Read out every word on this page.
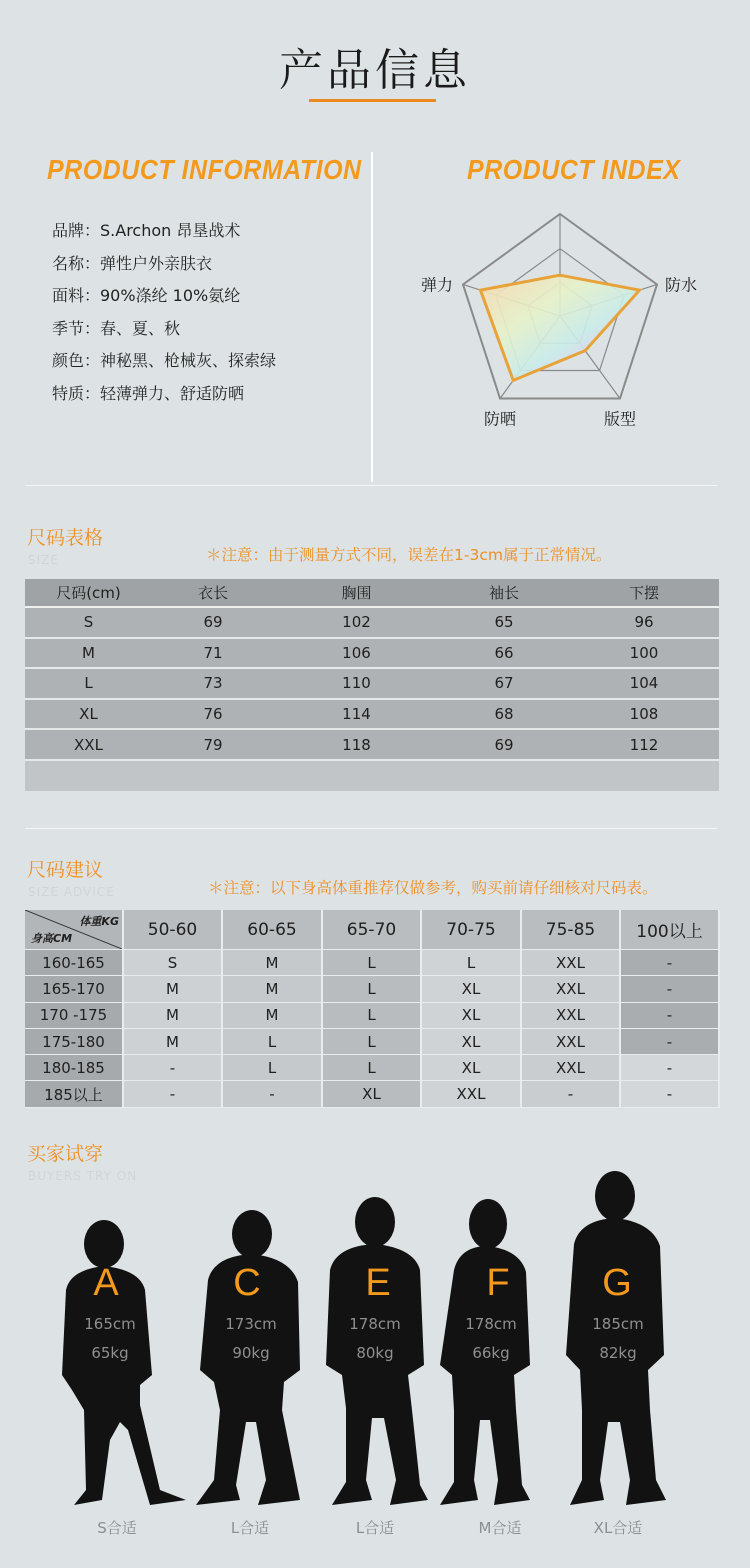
产品信息
PRODUCT INFORMATION
品牌：S.Archon 昂垦战术
名称：弹性户外亲肤衣
面料：90%涤纶 10%氨纶
季节：春、夏、秋
颜色：神秘黑、枪械灰、探索绿
特质：轻薄弹力、舒适防晒
PRODUCT INDEX
防水
版型
防晒
弹力
尺码表格
SIZE	＊注意：由于测量方式不同，误差在1-3cm属于正常情况。
尺码(cm)	衣长	胸围	袖长	下摆
S	69	102	65	96
M	71	106	66	100
L	73	110	67	104
XL	76	114	68	108
XXL	79	118	69	112

尺码建议
SIZE ADVICE	＊注意：以下身高体重推荐仅做参考，购买前请仔细核对尺码表。
体重KG
身高CM	50-60	60-65	65-70	70-75	75-85	100以上
160-165	S	M	L	L	XXL	-
165-170	M	M	L	XL	XXL	-
170 -175	M	M	L	XL	XXL	-
175-180	M	L	L	XL	XXL	-
180-185	-	L	L	XL	XXL	-
185以上	-	-	XL	XXL	-	-
买家试穿
BUYERS TRY ON
A
165cm
65kg
S合适
C
173cm
90kg
L合适
E
178cm
80kg
L合适
F
178cm
66kg
M合适
G
185cm
82kg
XL合适
